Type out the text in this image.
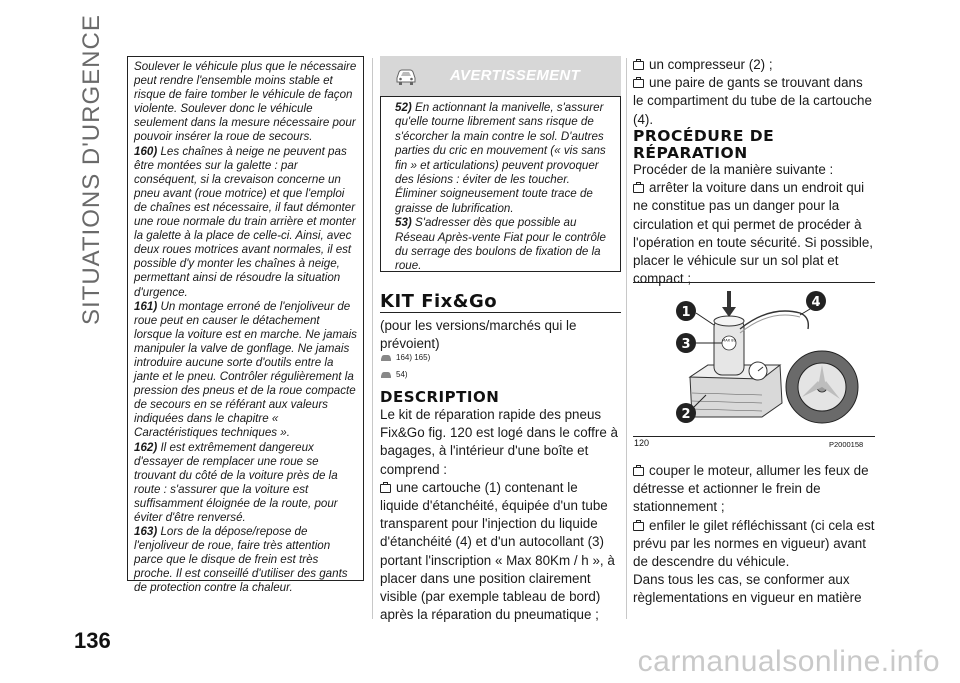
SITUATIONS D'URGENCE	Soulever le véhicule plus que le nécessaire peut rendre l'ensemble moins stable et risque de faire tomber le véhicule de façon violente. Soulever donc le véhicule seulement dans la mesure nécessaire pour pouvoir insérer la roue de secours.

160) Les chaînes à neige ne peuvent pas être montées sur la galette : par conséquent, si la crevaison concerne un pneu avant (roue motrice) et que l'emploi de chaînes est nécessaire, il faut démonter une roue normale du train arrière et monter la galette à la place de celle-ci. Ainsi, avec deux roues motrices avant normales, il est possible d'y monter les chaînes à neige, permettant ainsi de résoudre la situation d'urgence.

161) Un montage erroné de l'enjoliveur de roue peut en causer le détachement lorsque la voiture est en marche. Ne jamais manipuler la valve de gonflage. Ne jamais introduire aucune sorte d'outils entre la jante et le pneu. Contrôler régulièrement la pression des pneus et de la roue compacte de secours en se référant aux valeurs indiquées dans le chapitre « Caractéristiques techniques ».

162) Il est extrêmement dangereux d'essayer de remplacer une roue se trouvant du côté de la voiture près de la route : s'assurer que la voiture est suffisamment éloignée de la route, pour éviter d'être renversé.

163) Lors de la dépose/repose de l'enjoliveur de roue, faire très attention parce que le disque de frein est très proche. Il est conseillé d'utiliser des gants de protection contre la chaleur.

AVERTISSEMENT

52) En actionnant la manivelle, s'assurer qu'elle tourne librement sans risque de s'écorcher la main contre le sol. D'autres parties du cric en mouvement (« vis sans fin » et articulations) peuvent provoquer des lésions : éviter de les toucher. Éliminer soigneusement toute trace de graisse de lubrification.

53) S'adresser dès que possible au Réseau Après-vente Fiat pour le contrôle du serrage des boulons de fixation de la roue.

KIT Fix&Go
(pour les versions/marchés qui le prévoient)
164) 165)
54)
DESCRIPTION
Le kit de réparation rapide des pneus Fix&Go fig. 120 est logé dans le coffre à bagages, à l'intérieur d'une boîte et comprend :
une cartouche (1) contenant le liquide d'étanchéité, équipée d'un tube transparent pour l'injection du liquide d'étanchéité (4) et d'un autocollant (3) portant l'inscription « Max 80Km / h », à placer dans une position clairement visible (par exemple tableau de bord) après la réparation du pneumatique ;
un compresseur (2) ;
une paire de gants se trouvant dans le compartiment du tube de la cartouche (4).
PROCÉDURE DE
RÉPARATION
Procéder de la manière suivante :
arrêter la voiture dans un endroit qui ne constitue pas un danger pour la circulation et qui permet de procéder à l'opération en toute sécurité. Si possible, placer le véhicule sur un sol plat et compact ;
MAX 80
1
3
2
4
120	P2000158
couper le moteur, allumer les feux de détresse et actionner le frein de stationnement ;
enfiler le gilet réfléchissant (ci cela est prévu par les normes en vigueur) avant de descendre du véhicule.
Dans tous les cas, se conformer aux règlementations en vigueur en matière
136
carmanualsonline.info
